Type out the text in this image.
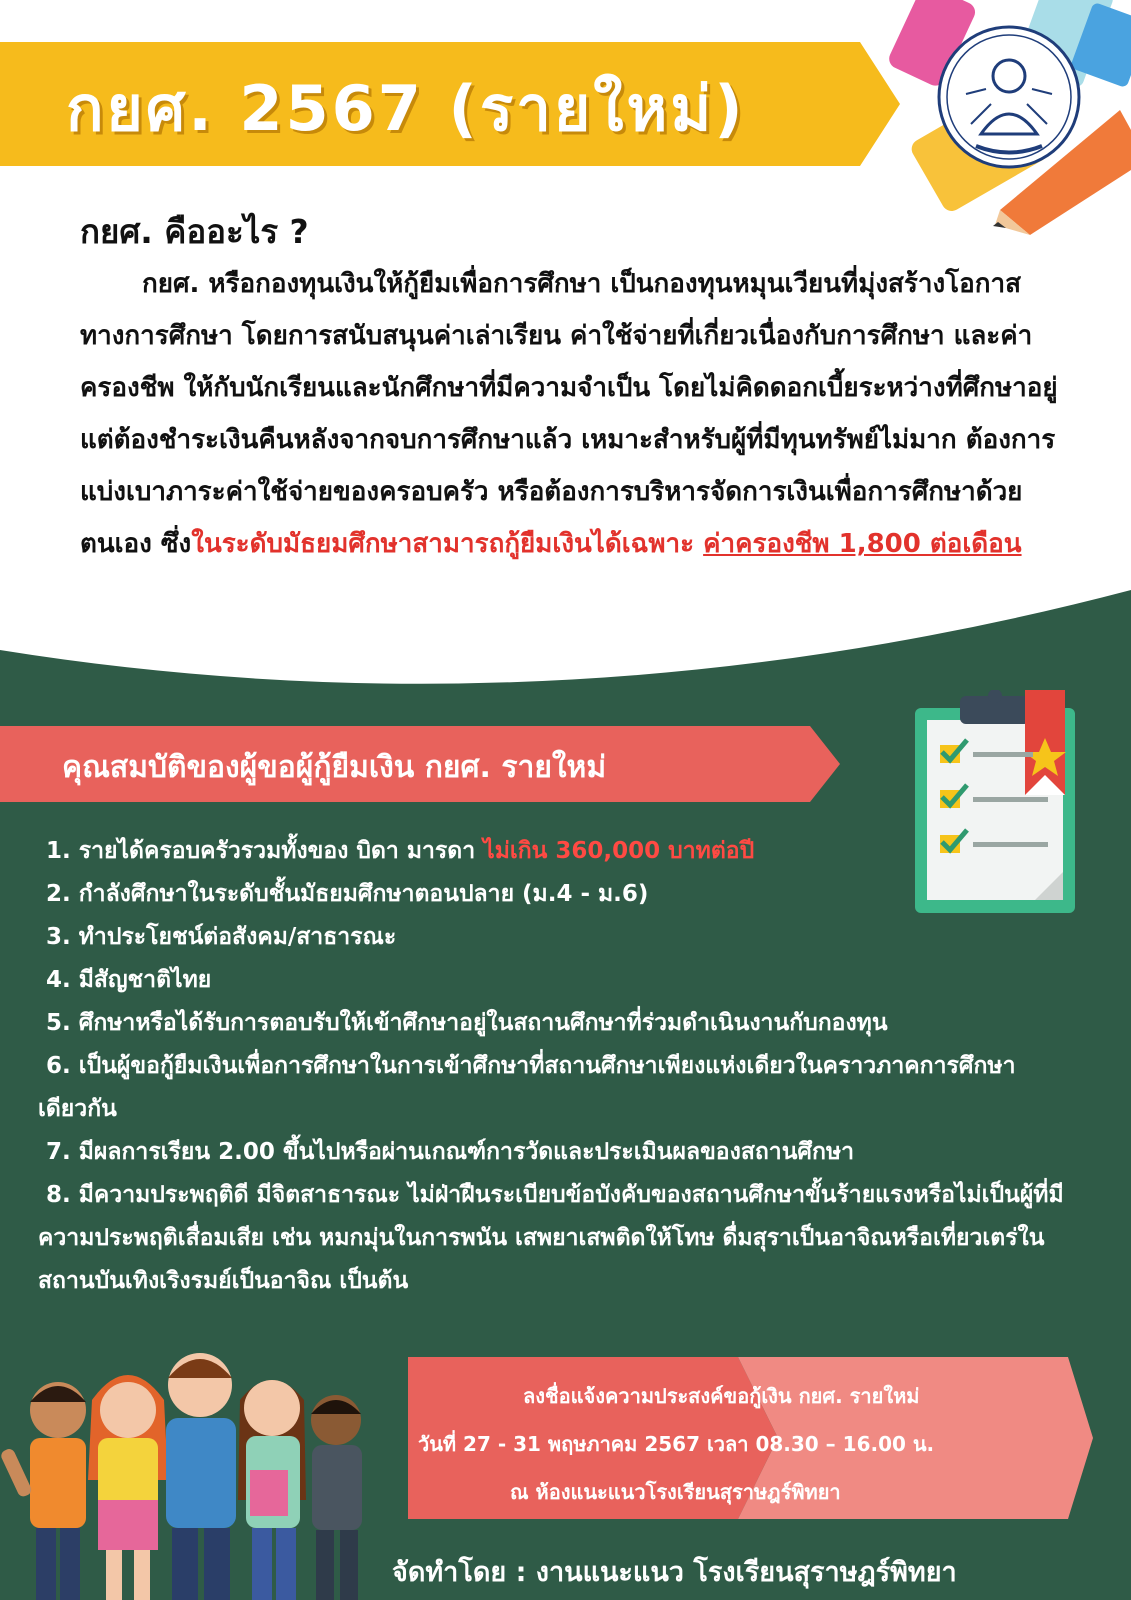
กยศ. 2567 (รายใหม่)
กยศ. คืออะไร ?
กยศ. หรือกองทุนเงินให้กู้ยืมเพื่อการศึกษา เป็นกองทุนหมุนเวียนที่มุ่งสร้างโอกาสทางการศึกษา โดยการสนับสนุนค่าเล่าเรียน ค่าใช้จ่ายที่เกี่ยวเนื่องกับการศึกษา และค่าครองชีพ ให้กับนักเรียนและนักศึกษาที่มีความจำเป็น โดยไม่คิดดอกเบี้ยระหว่างที่ศึกษาอยู่ แต่ต้องชำระเงินคืนหลังจากจบการศึกษาแล้ว เหมาะสำหรับผู้ที่มีทุนทรัพย์ไม่มาก ต้องการแบ่งเบาภาระค่าใช้จ่ายของครอบครัว หรือต้องการบริหารจัดการเงินเพื่อการศึกษาด้วยตนเอง ซึ่งในระดับมัธยมศึกษาสามารถกู้ยืมเงินได้เฉพาะ ค่าครองชีพ 1,800 ต่อเดือน
คุณสมบัติของผู้ขอผู้กู้ยืมเงิน กยศ. รายใหม่
1. รายได้ครอบครัวรวมทั้งของ บิดา มารดา ไม่เกิน 360,000 บาทต่อปี
2. กำลังศึกษาในระดับชั้นมัธยมศึกษาตอนปลาย (ม.4 - ม.6)
3. ทำประโยชน์ต่อสังคม/สาธารณะ
4. มีสัญชาติไทย
5. ศึกษาหรือได้รับการตอบรับให้เข้าศึกษาอยู่ในสถานศึกษาที่ร่วมดำเนินงานกับกองทุน
6. เป็นผู้ขอกู้ยืมเงินเพื่อการศึกษาในการเข้าศึกษาที่สถานศึกษาเพียงแห่งเดียวในคราวภาคการศึกษาเดียวกัน
7. มีผลการเรียน 2.00 ขึ้นไปหรือผ่านเกณฑ์การวัดและประเมินผลของสถานศึกษา
8. มีความประพฤติดี มีจิตสาธารณะ ไม่ฝ่าฝืนระเบียบข้อบังคับของสถานศึกษาขั้นร้ายแรงหรือไม่เป็นผู้ที่มีความประพฤติเสื่อมเสีย เช่น หมกมุ่นในการพนัน เสพยาเสพติดให้โทษ ดื่มสุราเป็นอาจิณหรือเที่ยวเตร่ในสถานบันเทิงเริงรมย์เป็นอาจิณ เป็นต้น
ลงชื่อแจ้งความประสงค์ขอกู้เงิน กยศ. รายใหม่
วันที่ 27 - 31 พฤษภาคม 2567 เวลา 08.30 – 16.00 น.
ณ ห้องแนะแนวโรงเรียนสุราษฎร์พิทยา
จัดทำโดย : งานแนะแนว โรงเรียนสุราษฎร์พิทยา
